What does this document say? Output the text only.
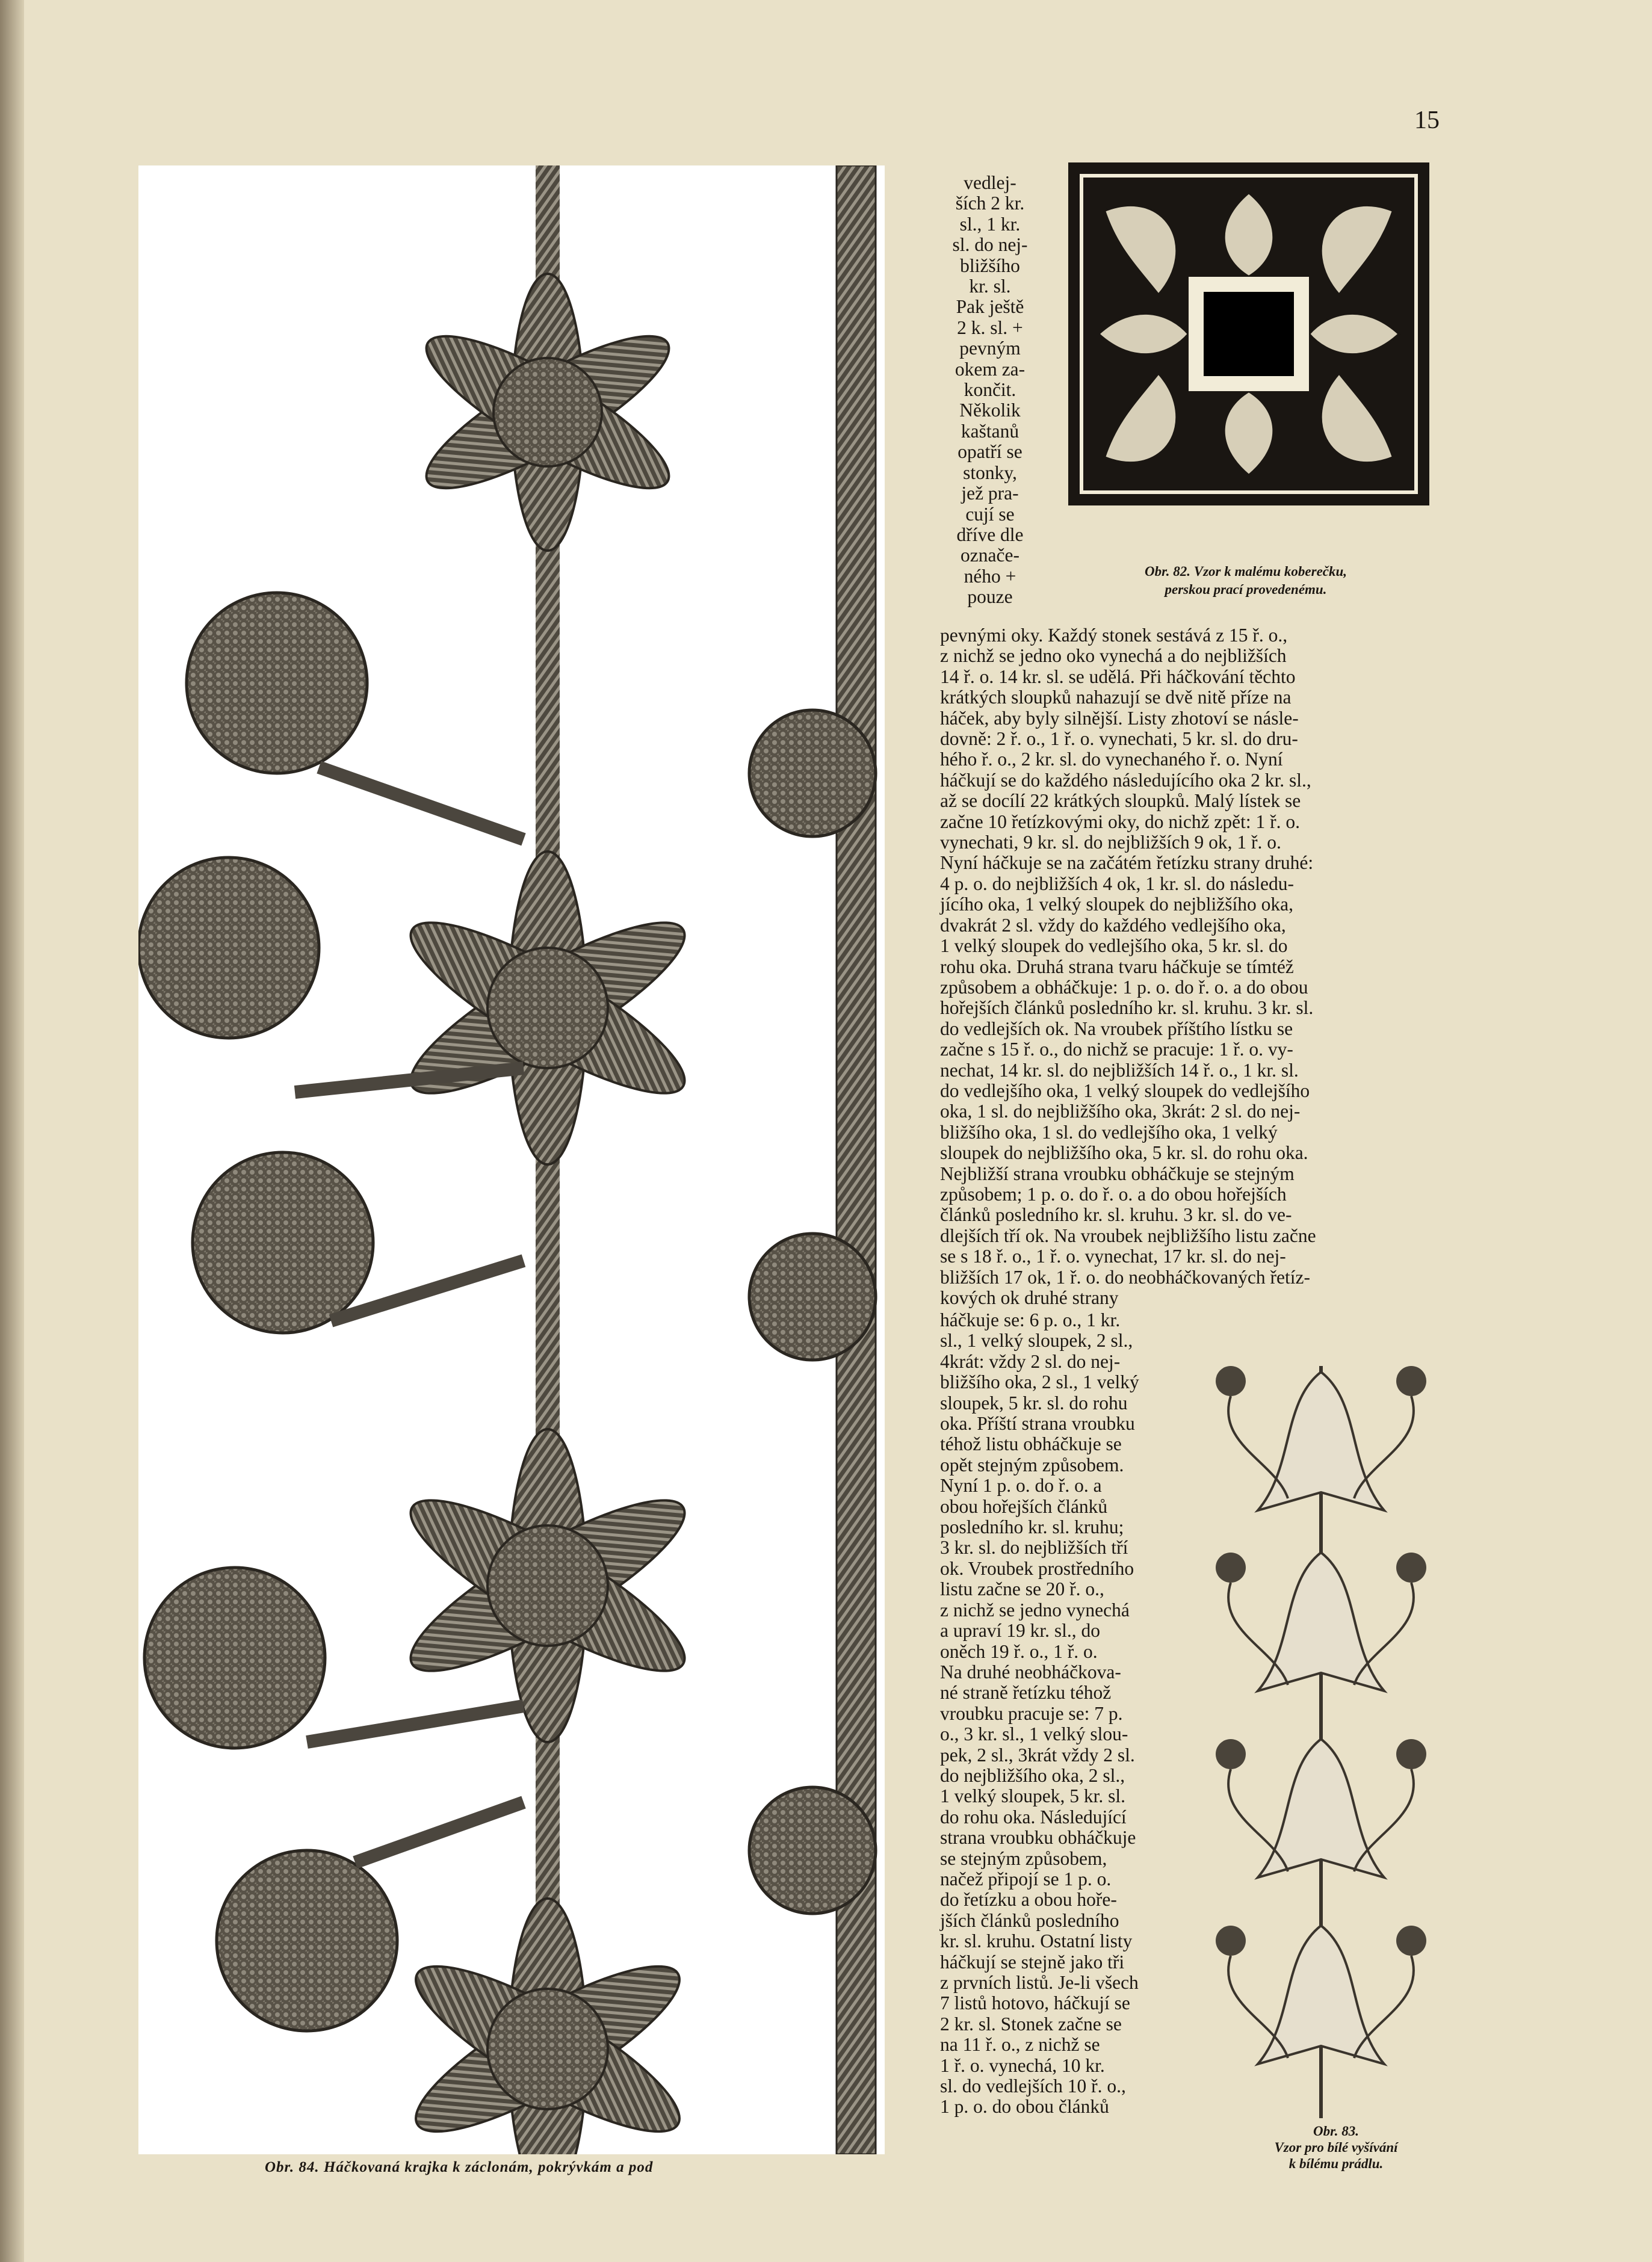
15
Obr. 84. Háčkovaná krajka k záclonám, pokrývkám a pod
Obr. 82. Vzor k malému koberečku,
perskou prací provedenému.
Obr. 83.
Vzor pro bílé vyšívání
k bílému prádlu.
vedlej-
ších 2 kr.
sl., 1 kr.
sl. do nej-
bližšího
kr. sl.
Pak ještě
2 k. sl. +
pevným
okem za-
končit.
Několik
kaštanů
opatří se
stonky,
jež pra-
cují se
dříve dle
označe-
ného +
pouze
pevnými oky. Každý stonek sestává z 15 ř. o.,
z nichž se jedno oko vynechá a do nejbližších
14 ř. o. 14 kr. sl. se udělá. Při háčkování těchto
krátkých sloupků nahazují se dvě nitě příze na
háček, aby byly silnější. Listy zhotoví se násle-
dovně: 2 ř. o., 1 ř. o. vynechati, 5 kr. sl. do dru-
hého ř. o., 2 kr. sl. do vynechaného ř. o. Nyní
háčkují se do každého následujícího oka 2 kr. sl.,
až se docílí 22 krátkých sloupků. Malý lístek se
začne 10 řetízkovými oky, do nichž zpět: 1 ř. o.
vynechati, 9 kr. sl. do nejbližších 9 ok, 1 ř. o.
Nyní háčkuje se na začátém řetízku strany druhé:
4 p. o. do nejbližších 4 ok, 1 kr. sl. do následu-
jícího oka, 1 velký sloupek do nejbližšího oka,
dvakrát 2 sl. vždy do každého vedlejšího oka,
1 velký sloupek do vedlejšího oka, 5 kr. sl. do
rohu oka. Druhá strana tvaru háčkuje se tímtéž
způsobem a obháčkuje: 1 p. o. do ř. o. a do obou
hořejších článků posledního kr. sl. kruhu. 3 kr. sl.
do vedlejších ok. Na vroubek příštího lístku se
začne s 15 ř. o., do nichž se pracuje: 1 ř. o. vy-
nechat, 14 kr. sl. do nejbližších 14 ř. o., 1 kr. sl.
do vedlejšího oka, 1 velký sloupek do vedlejšího
oka, 1 sl. do nejbližšího oka, 3krát: 2 sl. do nej-
bližšího oka, 1 sl. do vedlejšího oka, 1 velký
sloupek do nejbližšího oka, 5 kr. sl. do rohu oka.
Nejbližší strana vroubku obháčkuje se stejným
způsobem; 1 p. o. do ř. o. a do obou hořejších
článků posledního kr. sl. kruhu. 3 kr. sl. do ve-
dlejších tří ok. Na vroubek nejbližšího listu začne
se s 18 ř. o., 1 ř. o. vynechat, 17 kr. sl. do nej-
bližších 17 ok, 1 ř. o. do neobháčkovaných řetíz-
kových ok druhé strany
háčkuje se: 6 p. o., 1 kr.
sl., 1 velký sloupek, 2 sl.,
4krát: vždy 2 sl. do nej-
bližšího oka, 2 sl., 1 velký
sloupek, 5 kr. sl. do rohu
oka. Příští strana vroubku
téhož listu obháčkuje se
opět stejným způsobem.
Nyní 1 p. o. do ř. o. a
obou hořejších článků
posledního kr. sl. kruhu;
3 kr. sl. do nejbližších tří
ok. Vroubek prostředního
listu začne se 20 ř. o.,
z nichž se jedno vynechá
a upraví 19 kr. sl., do
oněch 19 ř. o., 1 ř. o.
Na druhé neobháčkova-
né straně řetízku téhož
vroubku pracuje se: 7 p.
o., 3 kr. sl., 1 velký slou-
pek, 2 sl., 3krát vždy 2 sl.
do nejbližšího oka, 2 sl.,
1 velký sloupek, 5 kr. sl.
do rohu oka. Následující
strana vroubku obháčkuje
se stejným způsobem,
načež připojí se 1 p. o.
do řetízku a obou hoře-
jších článků posledního
kr. sl. kruhu. Ostatní listy
háčkují se stejně jako tři
z prvních listů. Je-li všech
7 listů hotovo, háčkují se
2 kr. sl. Stonek začne se
na 11 ř. o., z nichž se
1 ř. o. vynechá, 10 kr.
sl. do vedlejších 10 ř. o.,
1 p. o. do obou článků
